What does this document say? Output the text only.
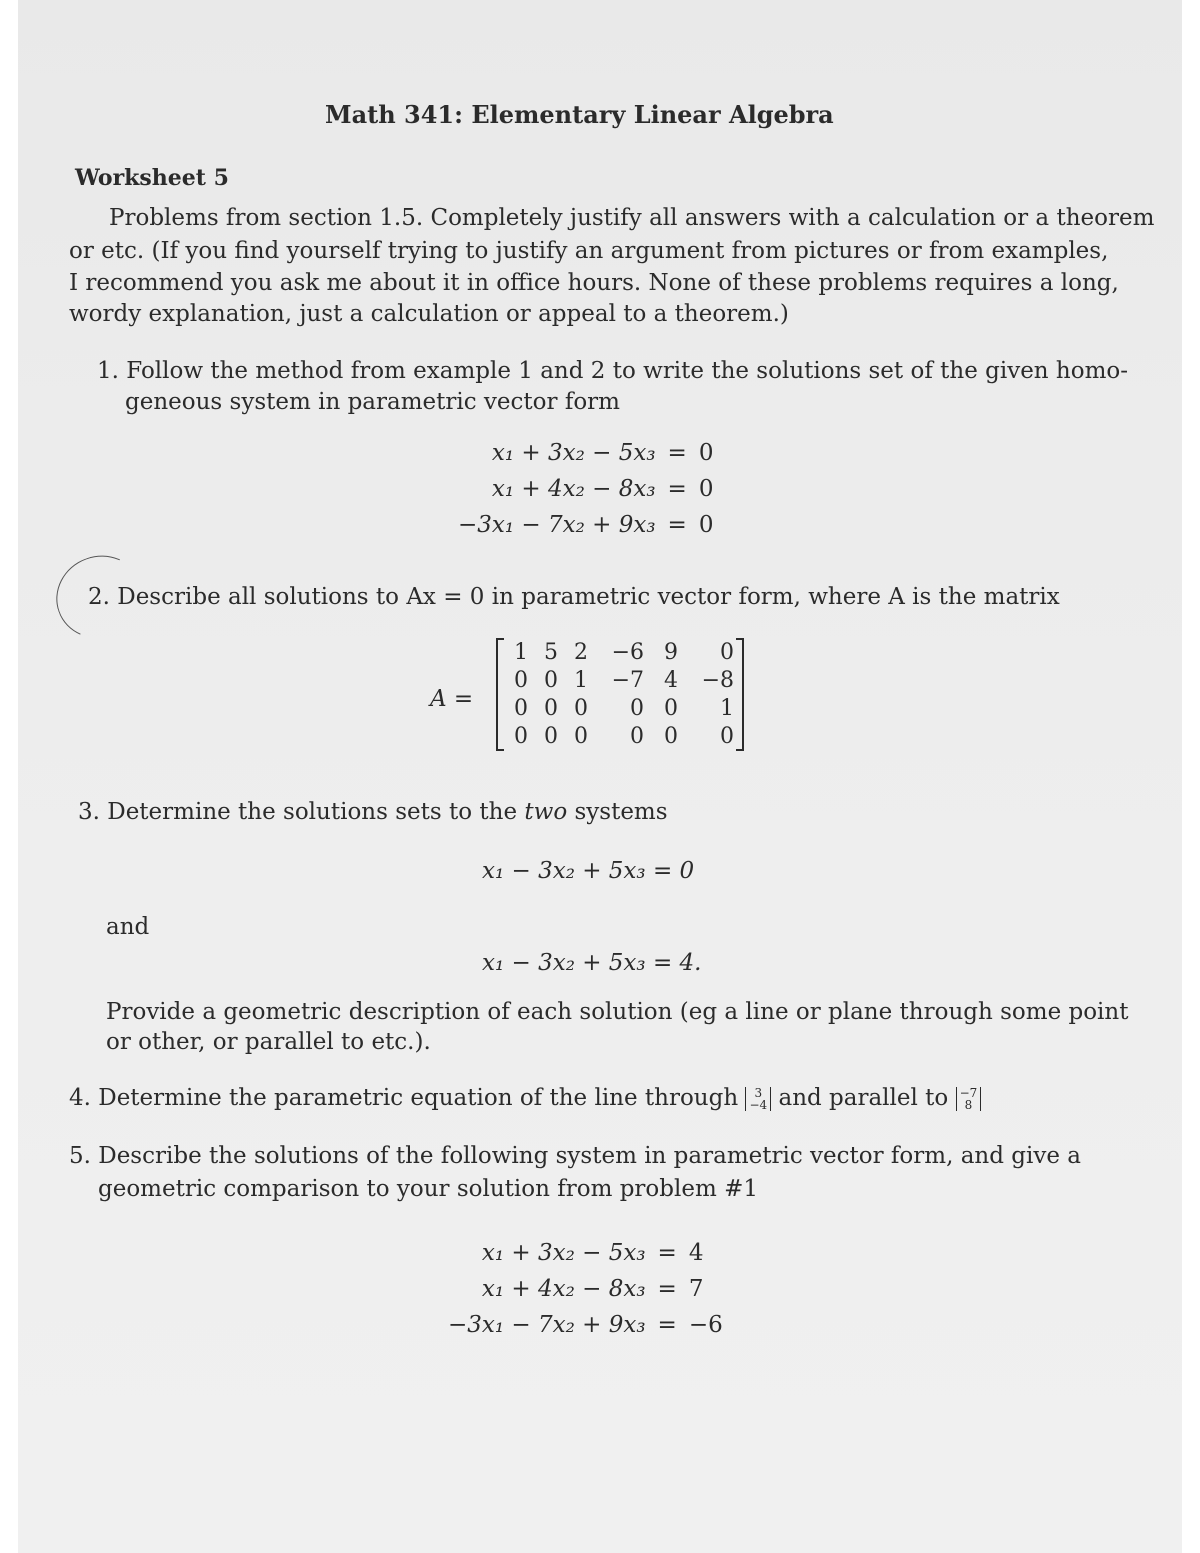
Math 341: Elementary Linear Algebra
Worksheet 5
Problems from section 1.5. Completely justify all answers with a calculation or a theorem
or etc. (If you find yourself trying to justify an argument from pictures or from examples,
I recommend you ask me about it in office hours. None of these problems requires a long,
wordy explanation, just a calculation or appeal to a theorem.)
1. Follow the method from example 1 and 2 to write the solutions set of the given homo-
geneous system in parametric vector form
x₁ + 3x₂ − 5x₃ = 0
x₁ + 4x₂ − 8x₃ = 0
−3x₁ − 7x₂ + 9x₃ = 0
2. Describe all solutions to Ax = 0 in parametric vector form, where A is the matrix
A =
1 5 2	−6 9	0
0 0 1	−7 4	−8
0 0 0	0 0	1
0 0 0	0 0	0
3. Determine the solutions sets to the two systems
x₁ − 3x₂ + 5x₃ = 0
and
x₁ − 3x₂ + 5x₃ = 4.
Provide a geometric description of each solution (eg a line or plane through some point
or other, or parallel to etc.).
4. Determine the parametric equation of the line through 3
−4 and parallel to −7
8
5. Describe the solutions of the following system in parametric vector form, and give a
geometric comparison to your solution from problem #1
x₁ + 3x₂ − 5x₃ = 4
x₁ + 4x₂ − 8x₃ = 7
−3x₁ − 7x₂ + 9x₃ = −6
